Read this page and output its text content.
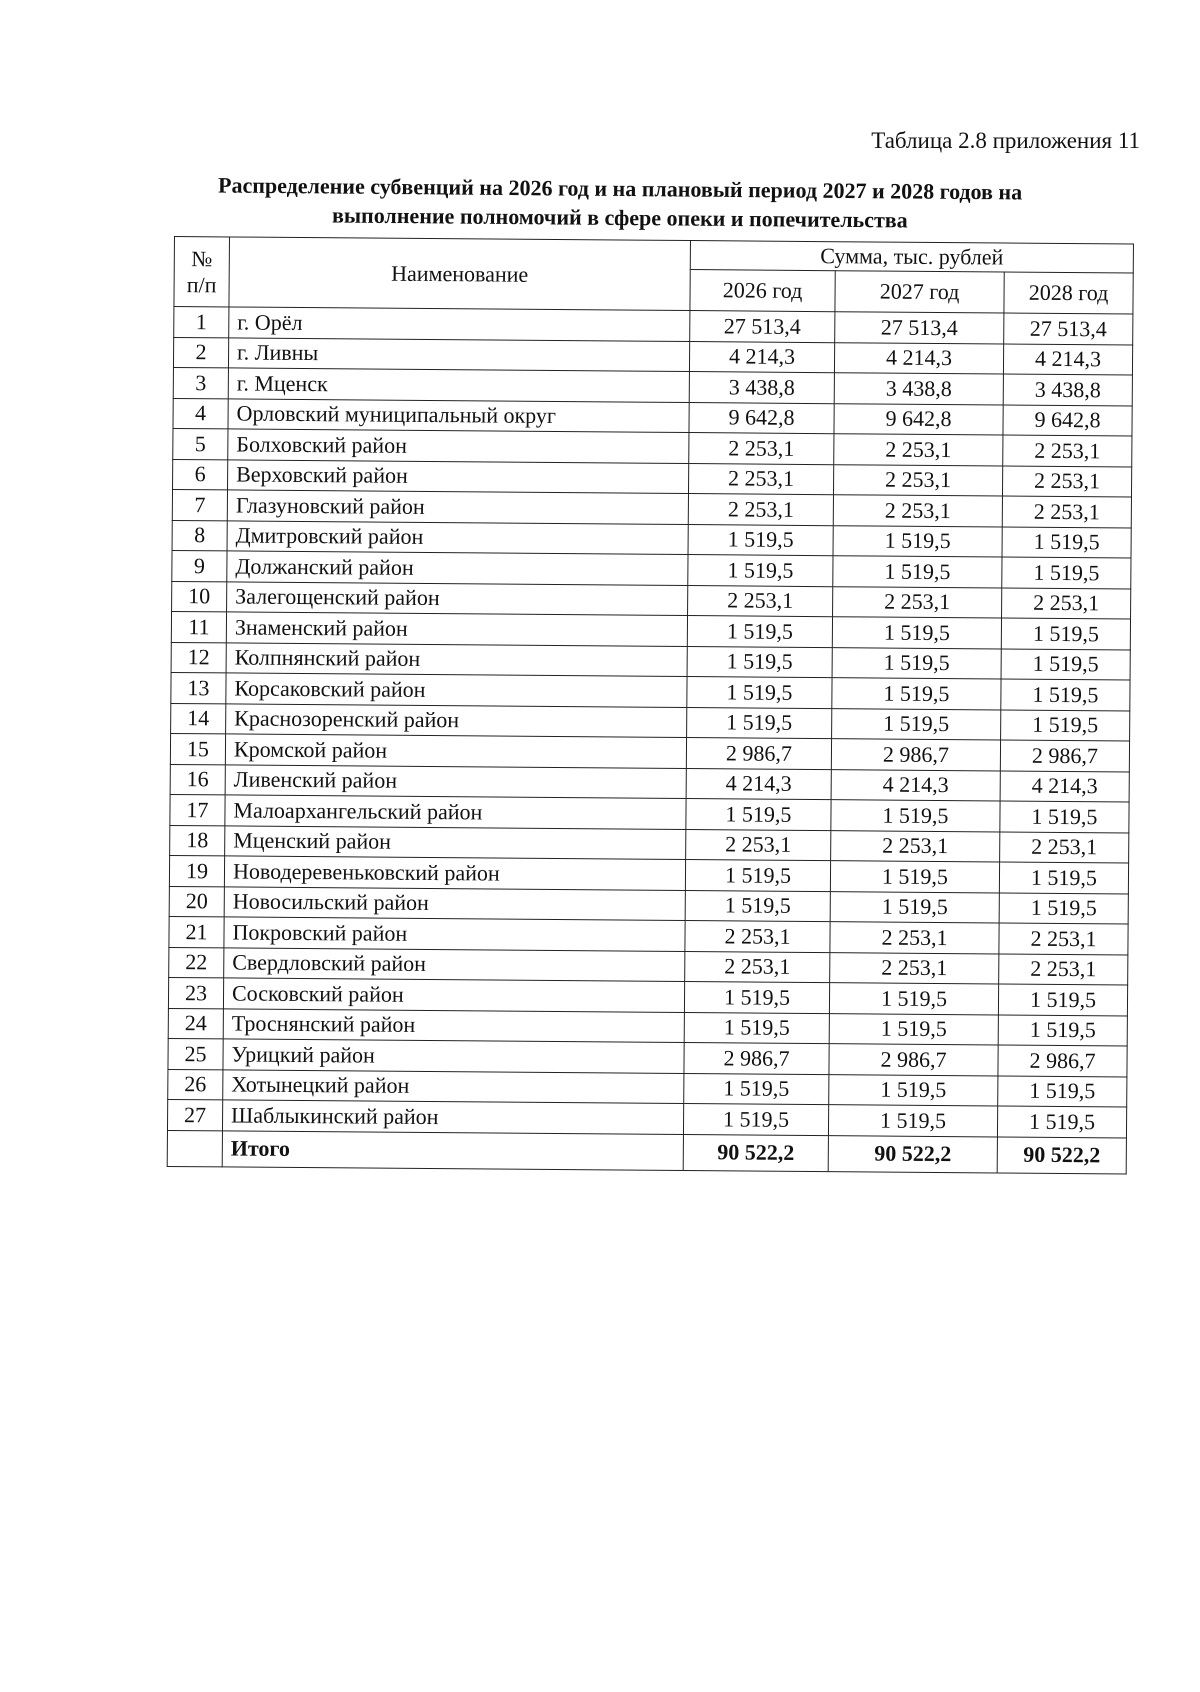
Таблица 2.8 приложения 11
Распределение субвенций на 2026 год и на плановый период 2027 и 2028 годов на
выполнение полномочий в сфере опеки и попечительства
№
п/п	Наименование	Сумма, тыс. рублей		
		2026 год	2027 год	2028 год
1	г. Орёл	27 513,4	27 513,4	27 513,4
2	г. Ливны	4 214,3	4 214,3	4 214,3
3	г. Мценск	3 438,8	3 438,8	3 438,8
4	Орловский муниципальный округ	9 642,8	9 642,8	9 642,8
5	Болховский район	2 253,1	2 253,1	2 253,1
6	Верховский район	2 253,1	2 253,1	2 253,1
7	Глазуновский район	2 253,1	2 253,1	2 253,1
8	Дмитровский район	1 519,5	1 519,5	1 519,5
9	Должанский район	1 519,5	1 519,5	1 519,5
10	Залегощенский район	2 253,1	2 253,1	2 253,1
11	Знаменский район	1 519,5	1 519,5	1 519,5
12	Колпнянский район	1 519,5	1 519,5	1 519,5
13	Корсаковский район	1 519,5	1 519,5	1 519,5
14	Краснозоренский район	1 519,5	1 519,5	1 519,5
15	Кромской район	2 986,7	2 986,7	2 986,7
16	Ливенский район	4 214,3	4 214,3	4 214,3
17	Малоархангельский район	1 519,5	1 519,5	1 519,5
18	Мценский район	2 253,1	2 253,1	2 253,1
19	Новодеревеньковский район	1 519,5	1 519,5	1 519,5
20	Новосильский район	1 519,5	1 519,5	1 519,5
21	Покровский район	2 253,1	2 253,1	2 253,1
22	Свердловский район	2 253,1	2 253,1	2 253,1
23	Сосковский район	1 519,5	1 519,5	1 519,5
24	Троснянский район	1 519,5	1 519,5	1 519,5
25	Урицкий район	2 986,7	2 986,7	2 986,7
26	Хотынецкий район	1 519,5	1 519,5	1 519,5
27	Шаблыкинский район	1 519,5	1 519,5	1 519,5
	Итого	90 522,2	90 522,2	90 522,2
